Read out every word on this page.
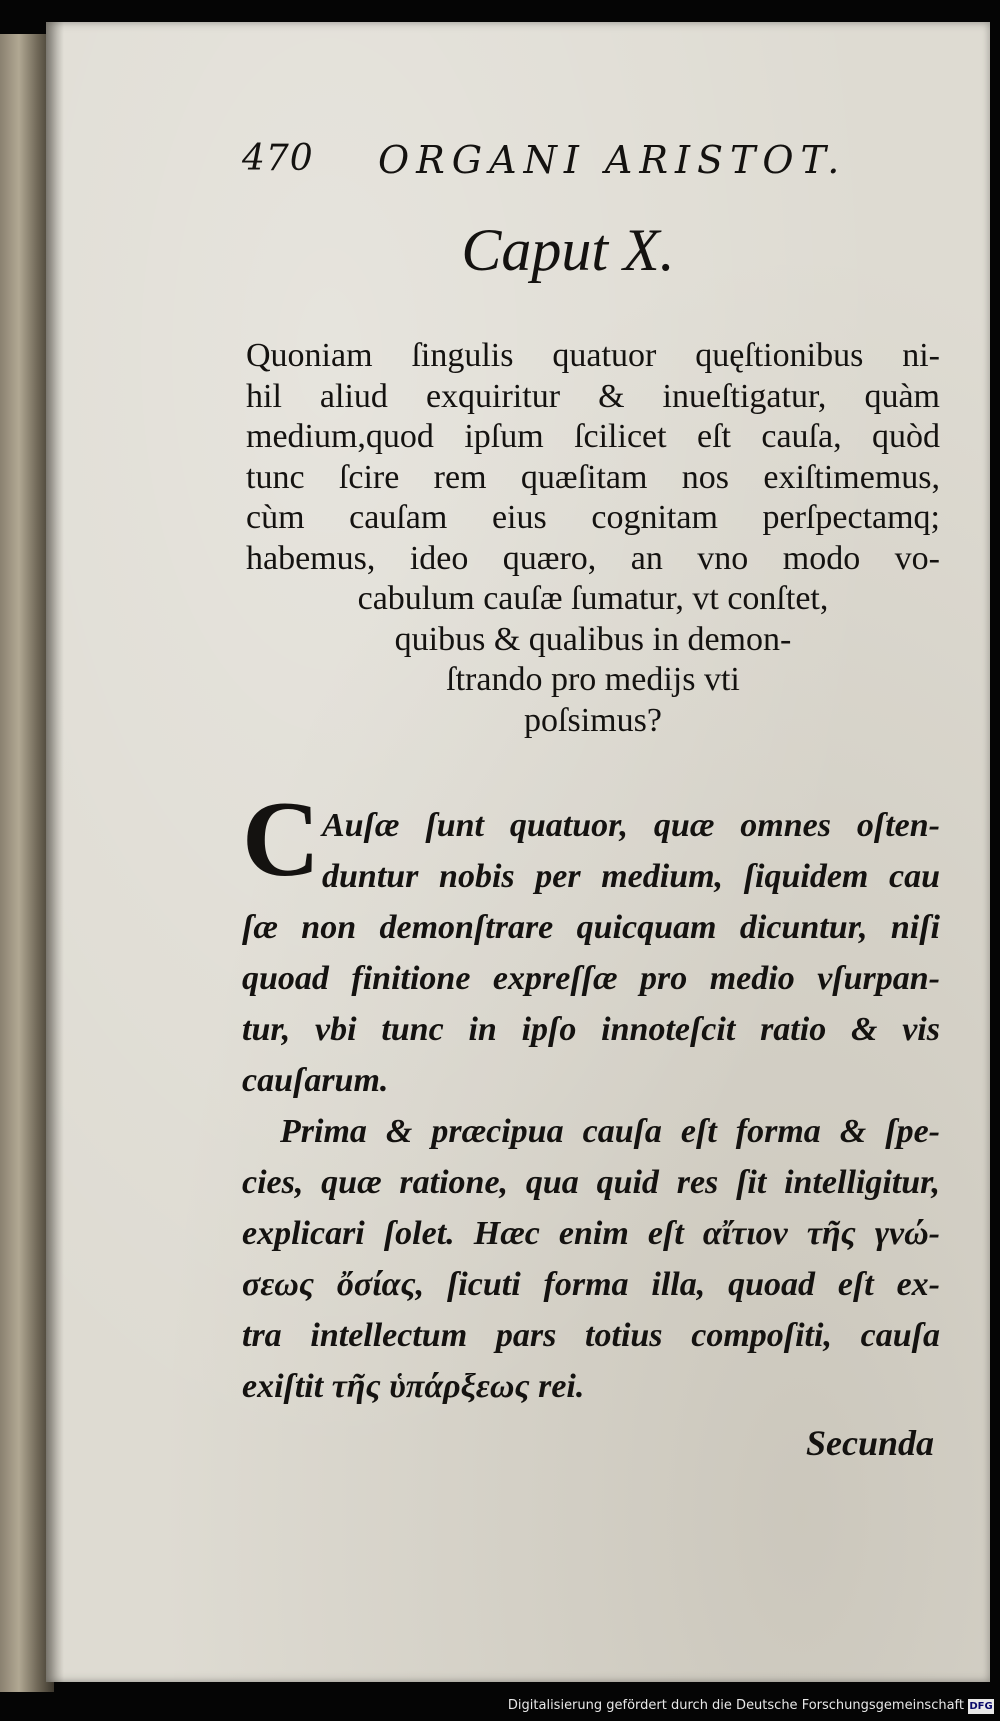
470 ORGANI ARISTOT.
Caput X.
Quoniam ſingulis quatuor quęſtionibus ni-
hil aliud exquiritur & inueſtigatur, quàm
medium,quod ipſum ſcilicet eſt cauſa, quòd
tunc ſcire rem quæſitam nos exiſtimemus,
cùm cauſam eius cognitam perſpectamq;
habemus, ideo quæro, an vno modo vo-
cabulum cauſæ ſumatur, vt conſtet,
quibus & qualibus in demon-
ſtrando pro medijs vti
poſsimus?
C Auſæ ſunt quatuor, quæ omnes oſten-
duntur nobis per medium, ſiquidem cau
ſæ non demonſtrare quicquam dicuntur, niſi
quoad finitione expreſſæ pro medio vſurpan-
tur, vbi tunc in ipſo innoteſcit ratio & vis
cauſarum.
Prima & præcipua cauſa eſt forma & ſpe-
cies, quæ ratione, qua quid res ſit intelligitur,
explicari ſolet. Hæc enim eſt αἴτιον τῆς γνώ-
σεως ὄσίας, ſicuti forma illa, quoad eſt ex-
tra intellectum pars totius compoſiti, cauſa
exiſtit τῆς ὑπάρξεως rei.
Secunda
Digitalisierung gefördert durch die Deutsche Forschungsgemeinschaft DFG
